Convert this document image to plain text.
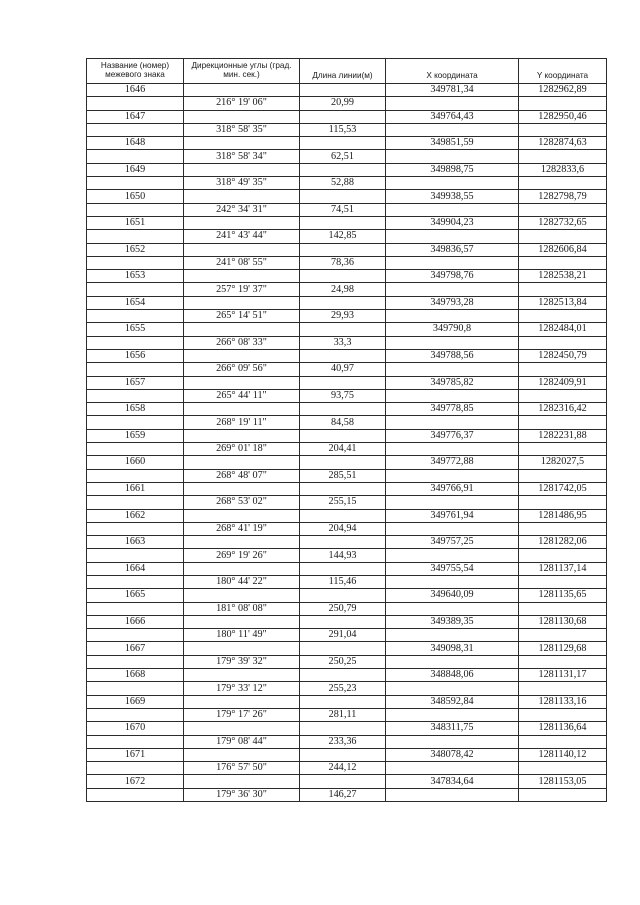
Название (номер) межевого знака	Дирекционные углы (град. мин. сек.)	Длина линии(м)	X координата	Y координата
1646			349781,34	1282962,89
	216° 19' 06"	20,99		
1647			349764,43	1282950,46
	318° 58' 35"	115,53		
1648			349851,59	1282874,63
	318° 58' 34"	62,51		
1649			349898,75	1282833,6
	318° 49' 35"	52,88		
1650			349938,55	1282798,79
	242° 34' 31"	74,51		
1651			349904,23	1282732,65
	241° 43' 44"	142,85		
1652			349836,57	1282606,84
	241° 08' 55"	78,36		
1653			349798,76	1282538,21
	257° 19' 37"	24,98		
1654			349793,28	1282513,84
	265° 14' 51"	29,93		
1655			349790,8	1282484,01
	266° 08' 33"	33,3		
1656			349788,56	1282450,79
	266° 09' 56"	40,97		
1657			349785,82	1282409,91
	265° 44' 11"	93,75		
1658			349778,85	1282316,42
	268° 19' 11"	84,58		
1659			349776,37	1282231,88
	269° 01' 18"	204,41		
1660			349772,88	1282027,5
	268° 48' 07"	285,51		
1661			349766,91	1281742,05
	268° 53' 02"	255,15		
1662			349761,94	1281486,95
	268° 41' 19"	204,94		
1663			349757,25	1281282,06
	269° 19' 26"	144,93		
1664			349755,54	1281137,14
	180° 44' 22"	115,46		
1665			349640,09	1281135,65
	181° 08' 08"	250,79		
1666			349389,35	1281130,68
	180° 11' 49"	291,04		
1667			349098,31	1281129,68
	179° 39' 32"	250,25		
1668			348848,06	1281131,17
	179° 33' 12"	255,23		
1669			348592,84	1281133,16
	179° 17' 26"	281,11		
1670			348311,75	1281136,64
	179° 08' 44"	233,36		
1671			348078,42	1281140,12
	176° 57' 50"	244,12		
1672			347834,64	1281153,05
	179° 36' 30"	146,27		
